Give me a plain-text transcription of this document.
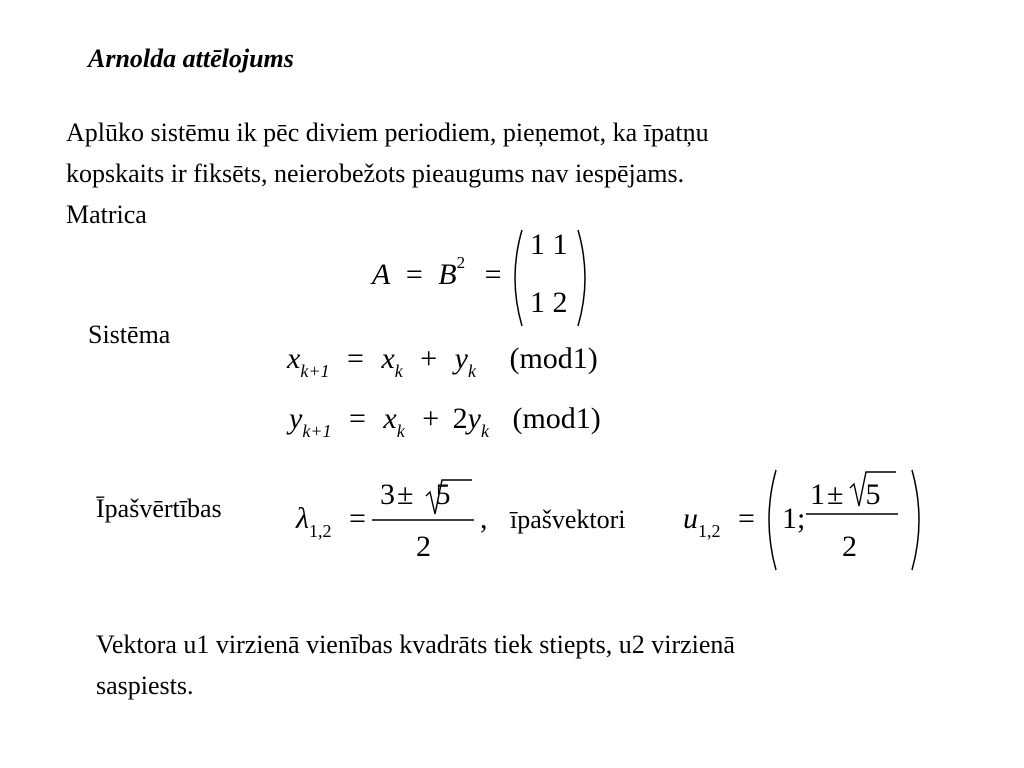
Arnolda attēlojums
Aplūko sistēmu ik pēc diviem periodiem, pieņemot, ka īpatņu
kopskaits ir fiksēts, neierobežots pieaugums nav iespējams.
Matrica
$A = B^2$ =
1 1
1 2
Sistēma
$x_{k+1} = x_k + y_k$ (mod1)
$y_{k+1} = x_k + 2y_k$ (mod1)
Īpašvērtības $\lambda_{1,2}$ =
3± 5
2
, īpašvektori $u_{1,2} = 1$;
1± 5
2
Vektora u1 virzienā vienības kvadrāts tiek stiepts, u2 virzienā
saspiests.
